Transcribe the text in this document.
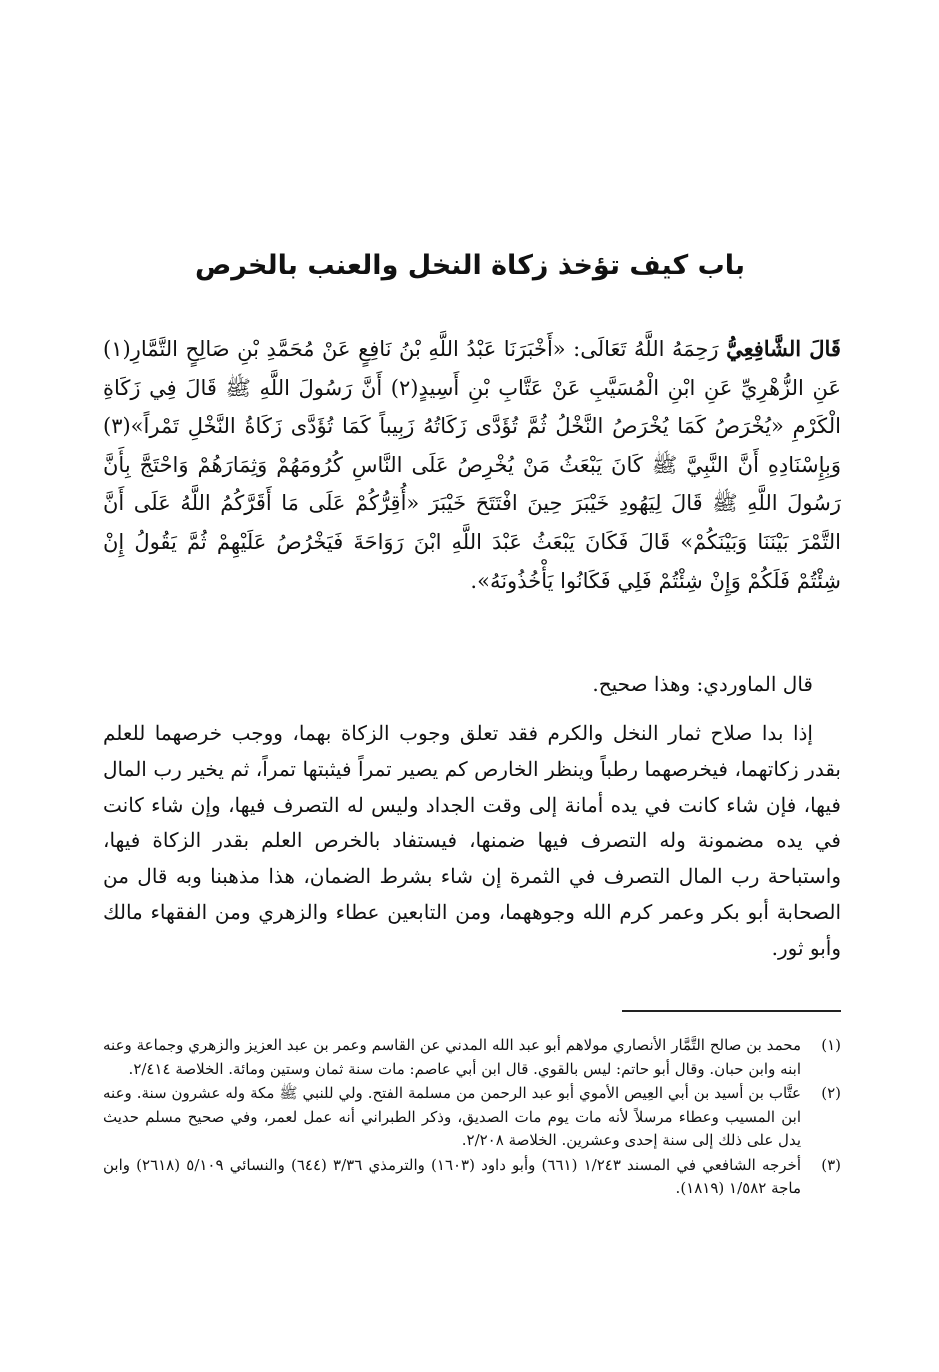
باب كيف تؤخذ زكاة النخل والعنب بالخرص
قَالَ الشَّافِعِيُّ رَحِمَهُ اللَّهُ تَعَالَى: «أَخْبَرَنَا عَبْدُ اللَّهِ بْنُ نَافِعٍ عَنْ مُحَمَّدِ بْنِ صَالِحٍ التَّمَّارِ(١) عَنِ الزُّهْرِيِّ عَنِ ابْنِ الْمُسَيَّبِ عَنْ عَتَّابِ بْنِ أَسِيدٍ(٢) أَنَّ رَسُولَ اللَّهِ ﷺ قَالَ فِي زَكَاةِ الْكَرْمِ «يُخْرَصُ كَمَا يُخْرَصُ النَّخْلُ ثُمَّ تُؤَدَّى زَكَاتُهُ زَبِيباً كَمَا تُؤَدَّى زَكَاةُ النَّخْلِ تَمْراً»(٣) وَبِإِسْنَادِهِ أَنَّ النَّبِيَّ ﷺ كَانَ يَبْعَثُ مَنْ يُخْرِصُ عَلَى النَّاسِ كُرُومَهُمْ وَثِمَارَهُمْ وَاحْتَجَّ بِأَنَّ رَسُولَ اللَّهِ ﷺ قَالَ لِيَهُودِ خَيْبَرَ حِينَ افْتَتَحَ خَيْبَرَ «أُقِرُّكُمْ عَلَى مَا أَقَرَّكُمُ اللَّهُ عَلَى أَنَّ التَّمْرَ بَيْنَنَا وَبَيْنَكُمْ» قَالَ فَكَانَ يَبْعَثُ عَبْدَ اللَّهِ ابْنَ رَوَاحَةَ فَيَخْرُصُ عَلَيْهِمْ ثُمَّ يَقُولُ إِنْ شِئْتُمْ فَلَكُمْ وَإِنْ شِئْتُمْ فَلِي فَكَانُوا يَأْخُذُونَهُ».
قال الماوردي: وهذا صحيح.
إذا بدا صلاح ثمار النخل والكرم فقد تعلق وجوب الزكاة بهما، ووجب خرصهما للعلم بقدر زكاتهما، فيخرصهما رطباً وينظر الخارص كم يصير تمراً فيثبتها تمراً، ثم يخير رب المال فيها، فإن شاء كانت في يده أمانة إلى وقت الجداد وليس له التصرف فيها، وإن شاء كانت في يده مضمونة وله التصرف فيها ضمنها، فيستفاد بالخرص العلم بقدر الزكاة فيها، واستباحة رب المال التصرف في الثمرة إن شاء بشرط الضمان، هذا مذهبنا وبه قال من الصحابة أبو بكر وعمر كرم الله وجوههما، ومن التابعين عطاء والزهري ومن الفقهاء مالك وأبو ثور.
(١)
محمد بن صالح التَّمَّار الأنصاري مولاهم أبو عبد الله المدني عن القاسم وعمر بن عبد العزيز والزهري وجماعة وعنه ابنه وابن حبان. وقال أبو حاتم: ليس بالقوي. قال ابن أبي عاصم: مات سنة ثمان وستين ومائة. الخلاصة ٢/٤١٤.
(٢)
عتَّاب بن أسيد بن أبي العِيص الأموي أبو عبد الرحمن من مسلمة الفتح. ولي للنبي ﷺ مكة وله عشرون سنة. وعنه ابن المسيب وعطاء مرسلاً لأنه مات يوم مات الصديق، وذكر الطبراني أنه عمل لعمر، وفي صحيح مسلم حديث يدل على ذلك إلى سنة إحدى وعشرين. الخلاصة ٢/٢٠٨.
(٣)
أخرجه الشافعي في المسند ١/٢٤٣ (٦٦١) وأبو داود (١٦٠٣) والترمذي ٣/٣٦ (٦٤٤) والنسائي ٥/١٠٩ (٢٦١٨) وابن ماجة ١/٥٨٢ (١٨١٩).
